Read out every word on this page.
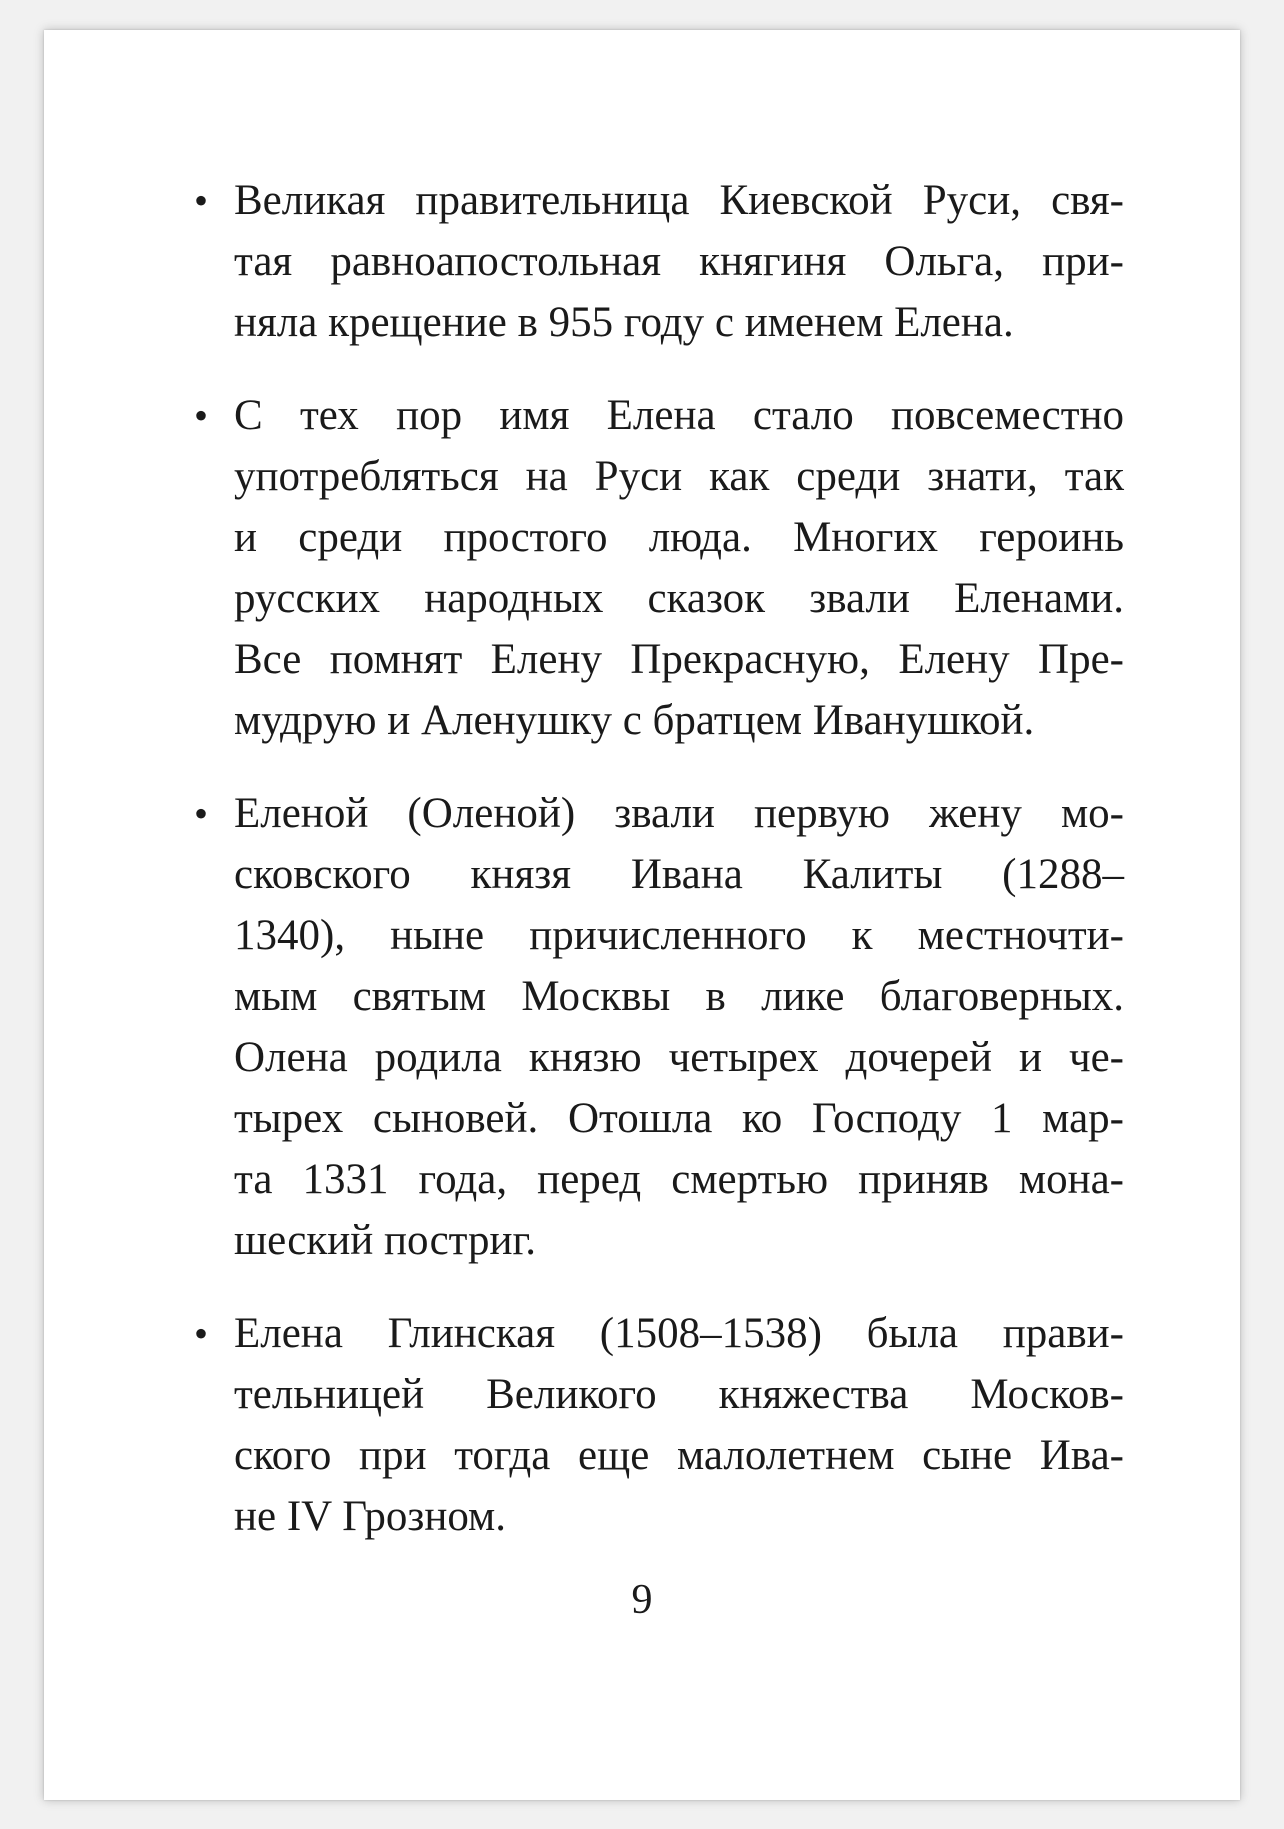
• Великая правительница Киевской Руси, свя-
тая равноапостольная княгиня Ольга, при-
няла крещение в 955 году с именем Елена.
• С тех пор имя Елена стало повсеместно
употребляться на Руси как среди знати, так
и среди простого люда. Многих героинь
русских народных сказок звали Еленами.
Все помнят Елену Прекрасную, Елену Пре-
мудрую и Аленушку с братцем Иванушкой.
• Еленой (Оленой) звали первую жену мо-
сковского князя Ивана Калиты (1288–
1340), ныне причисленного к местночти-
мым святым Москвы в лике благоверных.
Олена родила князю четырех дочерей и че-
тырех сыновей. Отошла ко Господу 1 мар-
та 1331 года, перед смертью приняв мона-
шеский постриг.
• Елена Глинская (1508–1538) была прави-
тельницей Великого княжества Москов-
ского при тогда еще малолетнем сыне Ива-
не IV Грозном.
9
